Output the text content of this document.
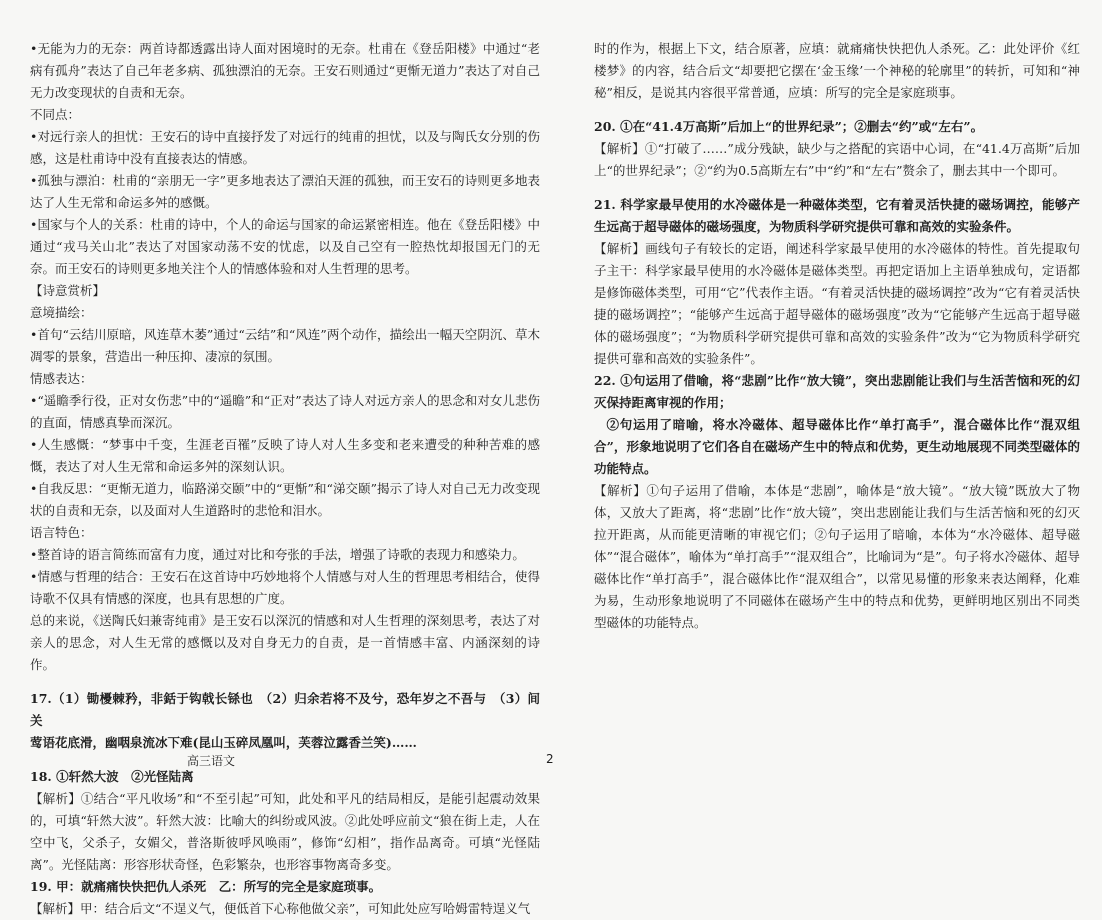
•无能为力的无奈：两首诗都透露出诗人面对困境时的无奈。杜甫在《登岳阳楼》中通过“老病有孤舟”表达了自己年老多病、孤独漂泊的无奈。王安石则通过“更惭无道力”表达了对自己无力改变现状的自责和无奈。

不同点：

•对远行亲人的担忧：王安石的诗中直接抒发了对远行的纯甫的担忧，以及与陶氏女分别的伤感，这是杜甫诗中没有直接表达的情感。

•孤独与漂泊：杜甫的“亲朋无一字”更多地表达了漂泊天涯的孤独，而王安石的诗则更多地表达了人生无常和命运多舛的感慨。

•国家与个人的关系：杜甫的诗中，个人的命运与国家的命运紧密相连。他在《登岳阳楼》中通过“戎马关山北”表达了对国家动荡不安的忧虑，以及自己空有一腔热忱却报国无门的无奈。而王安石的诗则更多地关注个人的情感体验和对人生哲理的思考。

【诗意赏析】

意境描绘：

•首句“云结川原暗，风连草木萎”通过“云结”和“风连”两个动作，描绘出一幅天空阴沉、草木凋零的景象，营造出一种压抑、凄凉的氛围。

情感表达：

•“遥瞻季行役，正对女伤悲”中的“遥瞻”和“正对”表达了诗人对远方亲人的思念和对女儿悲伤的直面，情感真挚而深沉。

•人生感慨：“梦事中千变，生涯老百罹”反映了诗人对人生多变和老来遭受的种种苦难的感慨，表达了对人生无常和命运多舛的深刻认识。

•自我反思：“更惭无道力，临路涕交颐”中的“更惭”和“涕交颐”揭示了诗人对自己无力改变现状的自责和无奈，以及面对人生道路时的悲怆和泪水。

语言特色：

•整首诗的语言简练而富有力度，通过对比和夸张的手法，增强了诗歌的表现力和感染力。

•情感与哲理的结合：王安石在这首诗中巧妙地将个人情感与对人生的哲理思考相结合，使得诗歌不仅具有情感的深度，也具有思想的广度。

总的来说，《送陶氏妇兼寄纯甫》是王安石以深沉的情感和对人生哲理的深刻思考，表达了对亲人的思念，对人生无常的感慨以及对自身无力的自责，是一首情感丰富、内涵深刻的诗作。

17.（1）锄櫌棘矜，非銛于钩戟长铩也　（2）归余若将不及兮，恐年岁之不吾与　（3）间关

莺语花底滑，幽咽泉流冰下难(昆山玉碎凤凰叫，芙蓉泣露香兰笑)……

18. ①轩然大波　②光怪陆离

【解析】①结合“平凡收场”和“不至引起”可知，此处和平凡的结局相反，是能引起震动效果的，可填“轩然大波”。轩然大波：比喻大的纠纷或风波。②此处呼应前文“狼在街上走，人在空中飞，父杀子，女媚父，普洛斯彼呼风唤雨”，修饰“幻相”，指作品离奇。可填“光怪陆离”。光怪陆离：形容形状奇怪，色彩繁杂，也形容事物离奇多变。

19. 甲：就痛痛快快把仇人杀死　乙：所写的完全是家庭琐事。

【解析】甲：结合后文“不逞义气，便低首下心称他做父亲”，可知此处应写哈姆雷特逞义气

时的作为，根据上下文，结合原著，应填：就痛痛快快把仇人杀死。乙：此处评价《红楼梦》的内容，结合后文“却要把它摆在‘金玉缘’一个神秘的轮廓里”的转折，可知和“神秘”相反，是说其内容很平常普通，应填：所写的完全是家庭琐事。

20. ①在“41.4万高斯”后加上“的世界纪录”；②删去“约”或“左右”。

【解析】①“打破了……”成分残缺，缺少与之搭配的宾语中心词，在“41.4万高斯”后加上“的世界纪录”；②“约为0.5高斯左右”中“约”和“左右”赘余了，删去其中一个即可。

21. 科学家最早使用的水冷磁体是一种磁体类型，它有着灵活快捷的磁场调控，能够产生远高于超导磁体的磁场强度，为物质科学研究提供可靠和高效的实验条件。

【解析】画线句子有较长的定语，阐述科学家最早使用的水冷磁体的特性。首先提取句子主干：科学家最早使用的水冷磁体是磁体类型。再把定语加上主语单独成句，定语都是修饰磁体类型，可用“它”代表作主语。“有着灵活快捷的磁场调控”改为“它有着灵活快捷的磁场调控”；“能够产生远高于超导磁体的磁场强度”改为“它能够产生远高于超导磁体的磁场强度”；“为物质科学研究提供可靠和高效的实验条件”改为“它为物质科学研究提供可靠和高效的实验条件”。

22. ①句运用了借喻，将“悲剧”比作“放大镜”，突出悲剧能让我们与生活苦恼和死的幻灭保持距离审视的作用；

②句运用了暗喻，将水冷磁体、超导磁体比作“单打高手”，混合磁体比作“混双组合”，形象地说明了它们各自在磁场产生中的特点和优势，更生动地展现不同类型磁体的功能特点。

【解析】①句子运用了借喻，本体是“悲剧”，喻体是“放大镜”。“放大镜”既放大了物体，又放大了距离，将“悲剧”比作“放大镜”，突出悲剧能让我们与生活苦恼和死的幻灭拉开距离，从而能更清晰的审视它们；②句子运用了暗喻，本体为“水冷磁体、超导磁体”“混合磁体”，喻体为“单打高手”“混双组合”，比喻词为“是”。句子将水冷磁体、超导磁体比作“单打高手”，混合磁体比作“混双组合”，以常见易懂的形象来表达阐释，化难为易，生动形象地说明了不同磁体在磁场产生中的特点和优势，更鲜明地区别出不同类型磁体的功能特点。

高三语文	2
